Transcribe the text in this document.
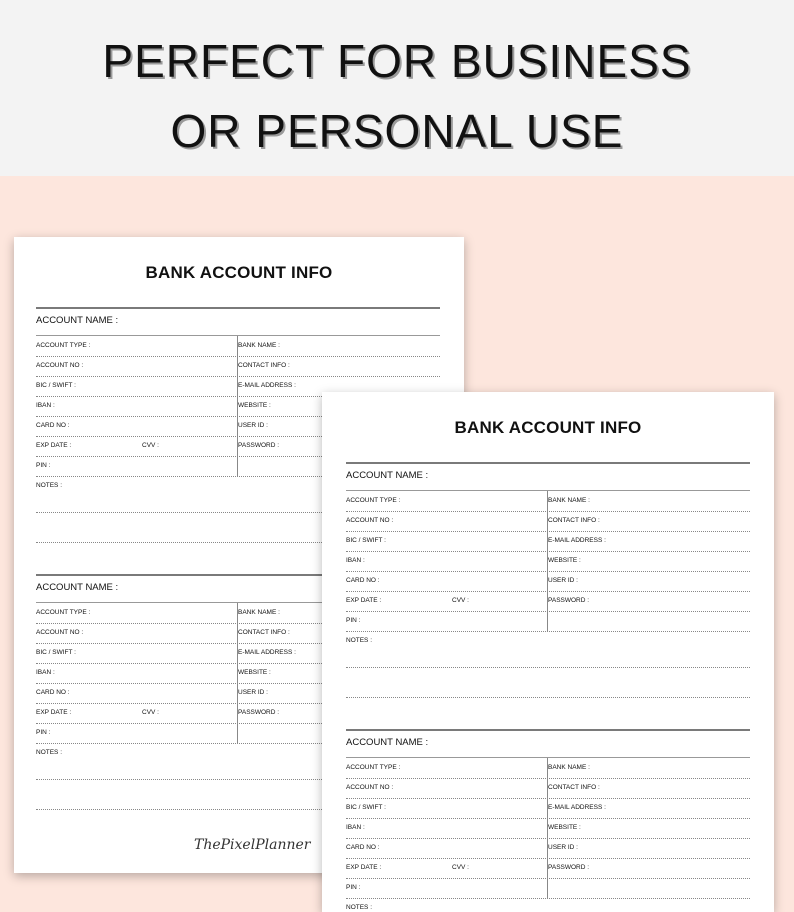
PERFECT FOR BUSINESS
OR PERSONAL USE
BANK ACCOUNT INFO
ACCOUNT NAME :
ACCOUNT TYPE :	BANK NAME :
ACCOUNT NO :	CONTACT INFO :
BIC / SWIFT :	E-MAIL ADDRESS :
IBAN :	WEBSITE :
CARD NO :	USER ID :
EXP DATE :	CVV :	PASSWORD :
PIN :
NOTES :
ACCOUNT NAME :
ACCOUNT TYPE :	BANK NAME :
ACCOUNT NO :	CONTACT INFO :
BIC / SWIFT :	E-MAIL ADDRESS :
IBAN :	WEBSITE :
CARD NO :	USER ID :
EXP DATE :	CVV :	PASSWORD :
PIN :
NOTES :
ThePixelPlanner
BANK ACCOUNT INFO
ACCOUNT NAME :
ACCOUNT TYPE :	BANK NAME :
ACCOUNT NO :	CONTACT INFO :
BIC / SWIFT :	E-MAIL ADDRESS :
IBAN :	WEBSITE :
CARD NO :	USER ID :
EXP DATE :	CVV :	PASSWORD :
PIN :
NOTES :
ACCOUNT NAME :
ACCOUNT TYPE :	BANK NAME :
ACCOUNT NO :	CONTACT INFO :
BIC / SWIFT :	E-MAIL ADDRESS :
IBAN :	WEBSITE :
CARD NO :	USER ID :
EXP DATE :	CVV :	PASSWORD :
PIN :
NOTES :
